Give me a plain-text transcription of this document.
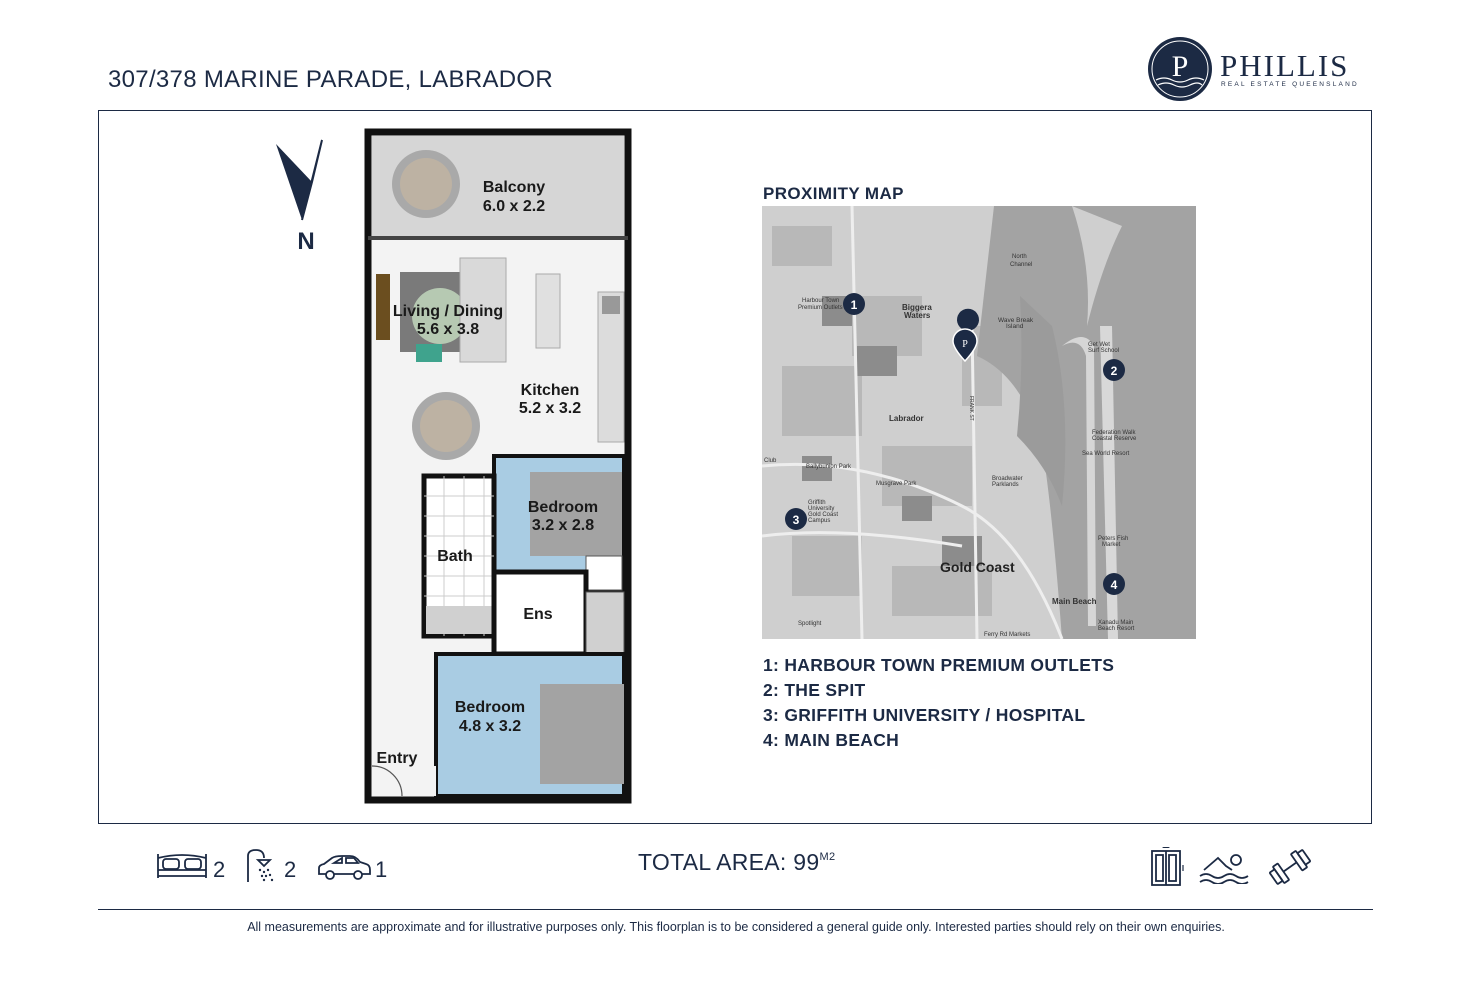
307/378 MARINE PARADE, LABRADOR	P PHILLIS
REAL ESTATE QUEENSLAND
N
Balcony
6.0 x 2.2
Living / Dining
5.6 x 3.8
Kitchen
5.2 x 3.2
Bedroom
3.2 x 2.8
Bath
Ens
Bedroom
4.8 x 3.2
Entry
PROXIMITY MAP
Harbour Town
Premium Outlets	Biggera
Waters
Wave Break
Island
North
Channel
Labrador
Ballybunion Park
Musgrave Park
Broadwater
Parklands
Griffith
University
Gold Coast
Campus
Gold Coast
Main Beach
Federation Walk
Coastal Reserve
Sea World Resort
Peters Fish
Market
Xanadu Main
Beach Resort
Ferry Rd Markets
Spotlight
Club
Get Wet
Surf School
FRANK ST
1
2
3
4
P
1: HARBOUR TOWN PREMIUM OUTLETS
2: THE SPIT
3: GRIFFITH UNIVERSITY / HOSPITAL
4: MAIN BEACH
2	2	1	TOTAL AREA: $99^{M2}$
All measurements are approximate and for illustrative purposes only. This floorplan is to be considered a general guide only. Interested parties should rely on their own enquiries.
